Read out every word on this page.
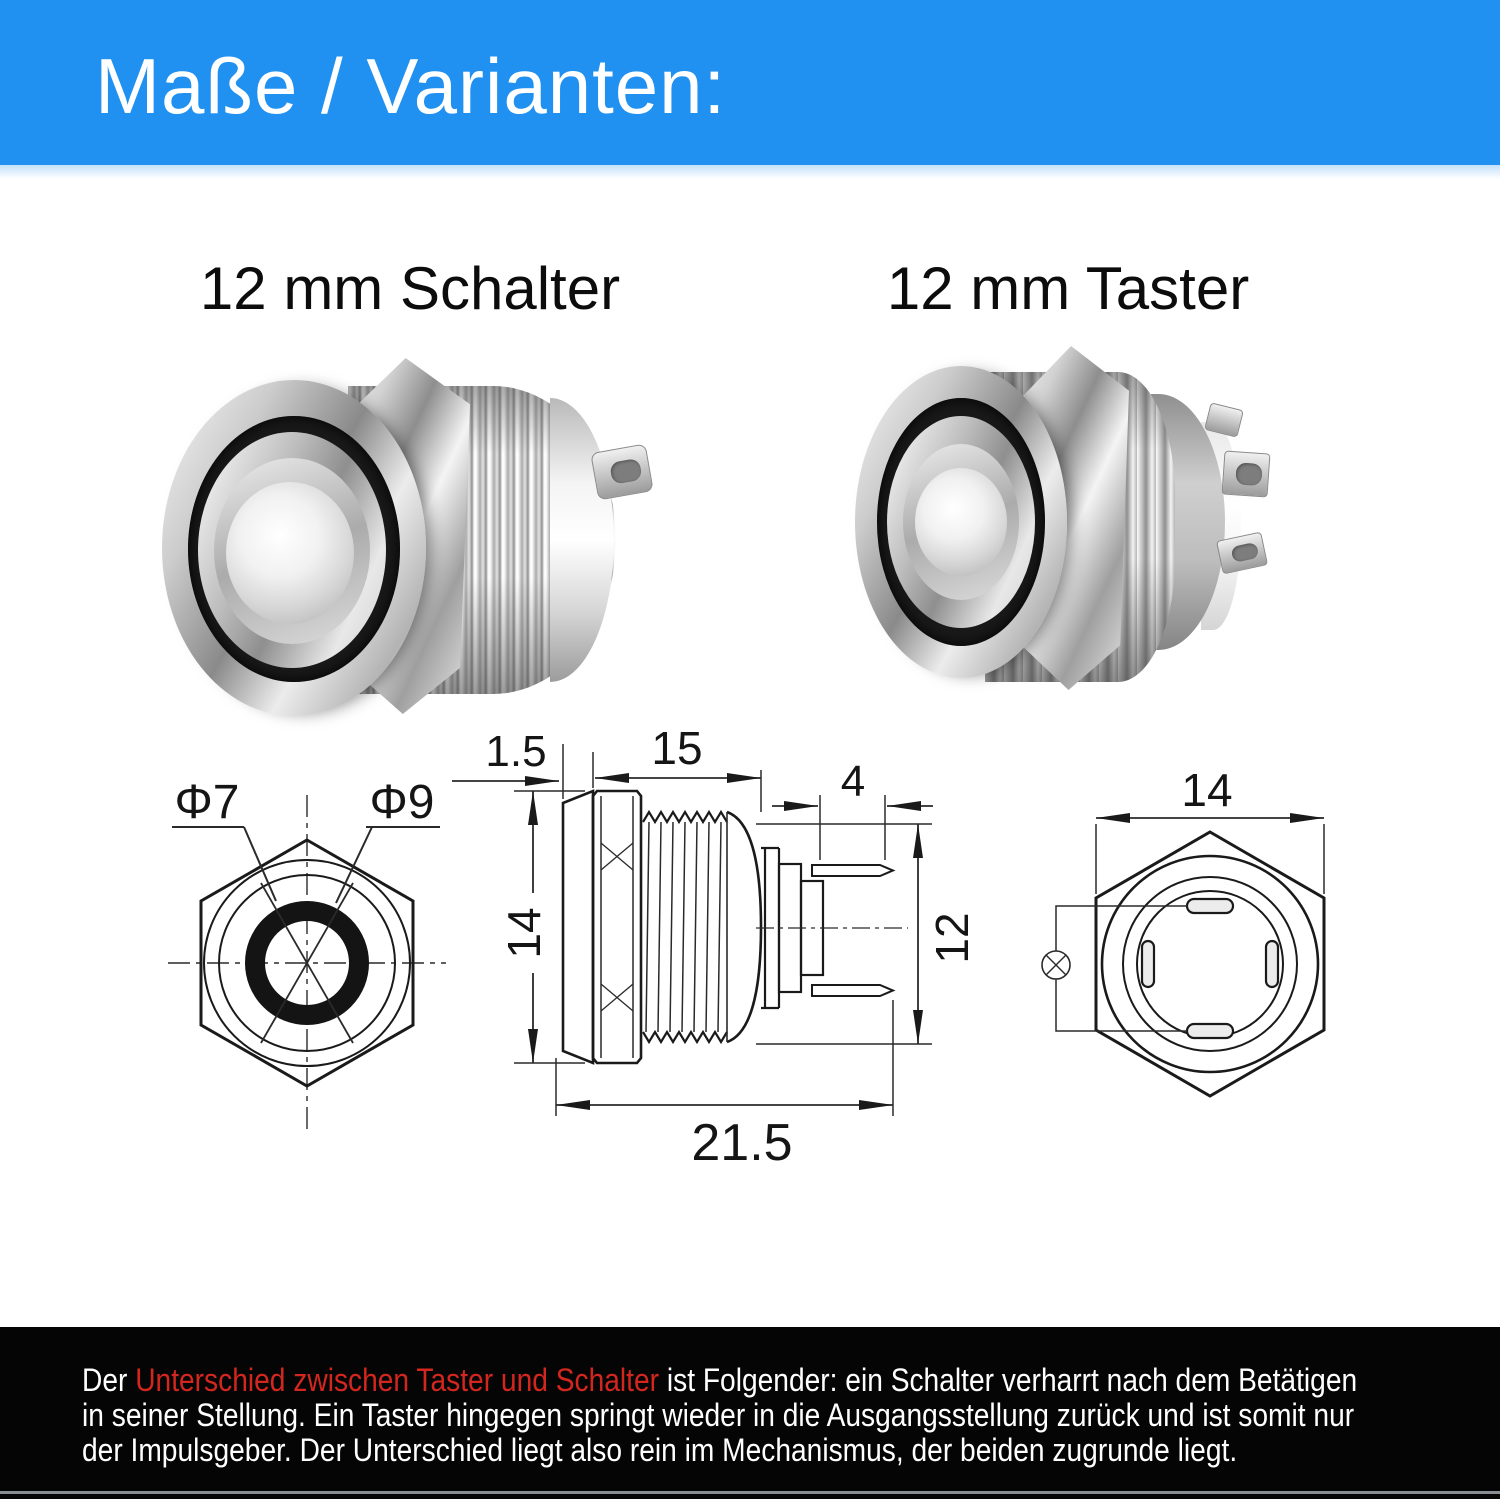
Maße / Varianten:
12 mm Schalter	12 mm Taster
Φ7	Φ9
1.5 15
4
14	12
21.5
14
Der Unterschied zwischen Taster und Schalter ist Folgender: ein Schalter verharrt nach dem Betätigen
in seiner Stellung. Ein Taster hingegen springt wieder in die Ausgangsstellung zurück und ist somit nur
der Impulsgeber. Der Unterschied liegt also rein im Mechanismus, der beiden zugrunde liegt.
